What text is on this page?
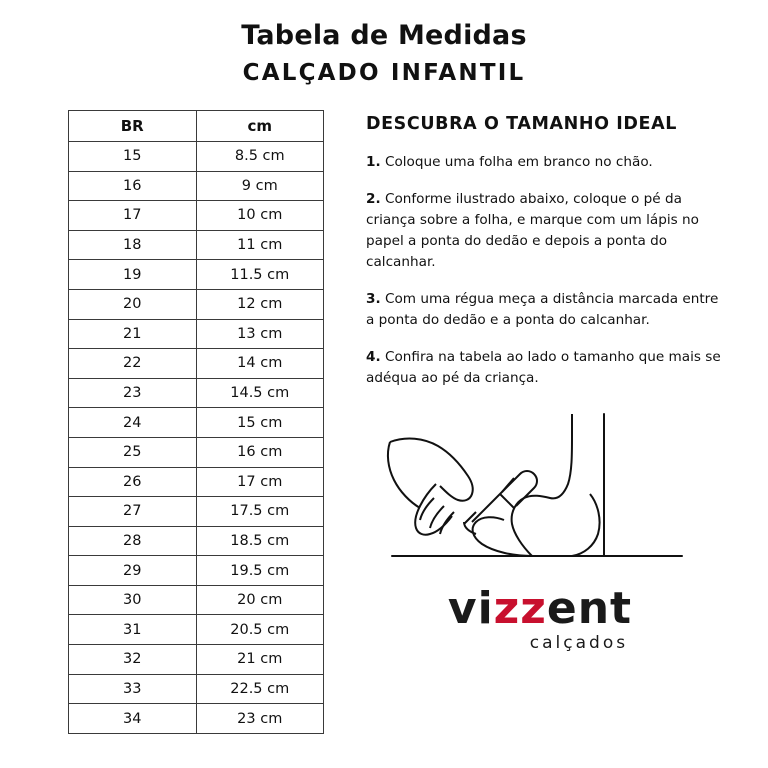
Tabela de Medidas
CALÇADO INFANTIL
BR	cm
15	8.5 cm
16	9 cm
17	10 cm
18	11 cm
19	11.5 cm
20	12 cm
21	13 cm
22	14 cm
23	14.5 cm
24	15 cm
25	16 cm
26	17 cm
27	17.5 cm
28	18.5 cm
29	19.5 cm
30	20 cm
31	20.5 cm
32	21 cm
33	22.5 cm
34	23 cm
DESCUBRA O TAMANHO IDEAL
1. Coloque uma folha em branco no chão.
2. Conforme ilustrado abaixo, coloque o pé da criança sobre a folha, e marque com um lápis no papel a ponta do dedão e depois a ponta do calcanhar.
3. Com uma régua meça a distância marcada entre a ponta do dedão e a ponta do calcanhar.
4. Confira na tabela ao lado o tamanho que mais se adéqua ao pé da criança.
vizzent
calçados
